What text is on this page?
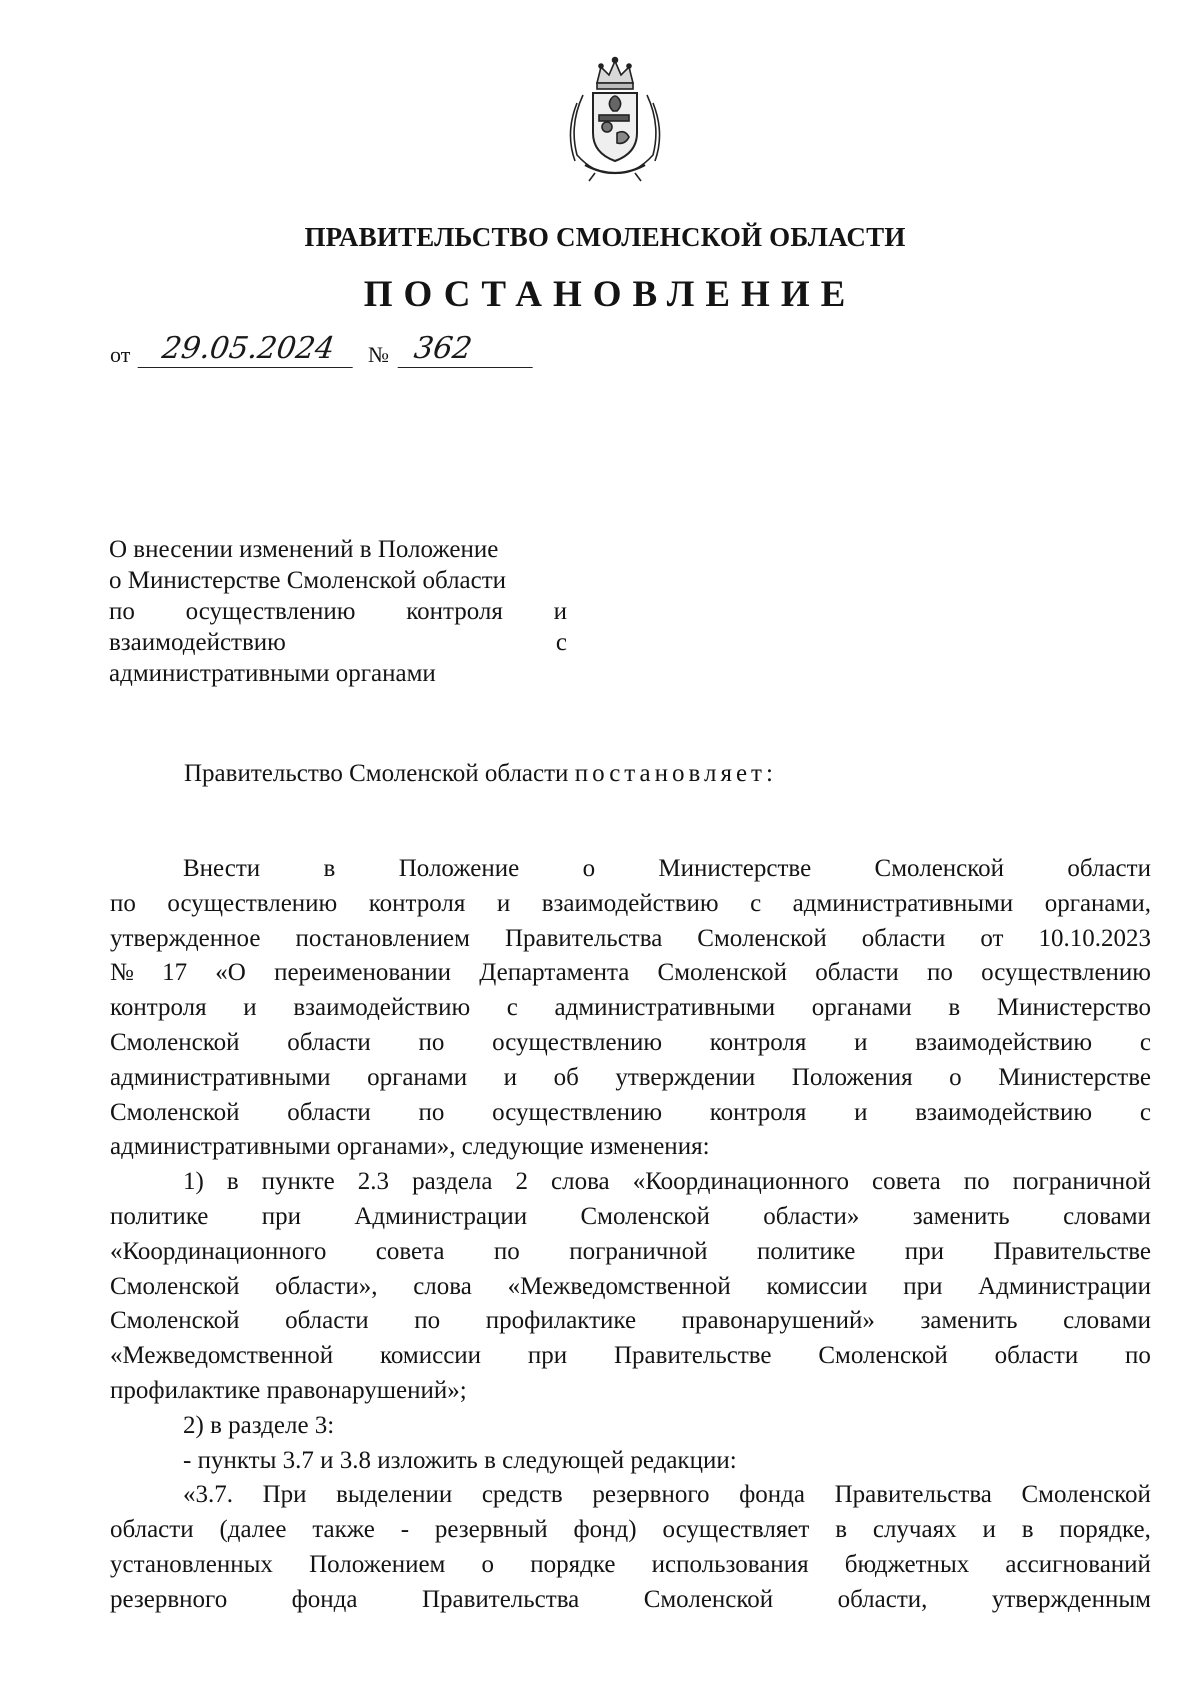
ПРАВИТЕЛЬСТВО СМОЛЕНСКОЙ ОБЛАСТИ
ПОСТАНОВЛЕНИЕ
от 29.05.2024	№ 362
О внесении изменений в Положение
о Министерстве Смоленской области
по осуществлению контроля и
взаимодействию	с
административными органами
Правительство Смоленской области постановляет:
Внести	в	Положение	о	Министерстве	Смоленской	области
по осуществлению контроля и взаимодействию с административными органами,
утвержденное постановлением Правительства Смоленской области от 10.10.2023
№ 17 «О переименовании Департамента Смоленской области по осуществлению
контроля и взаимодействию с административными органами в Министерство
Смоленской области по осуществлению контроля и взаимодействию с
административными органами и об утверждении Положения о Министерстве
Смоленской области по осуществлению контроля и взаимодействию с
административными органами», следующие изменения:
1) в пункте 2.3 раздела 2 слова «Координационного совета по пограничной
политике при Администрации Смоленской области» заменить словами
«Координационного совета по пограничной политике при Правительстве
Смоленской области», слова «Межведомственной комиссии при Администрации
Смоленской области по профилактике правонарушений» заменить словами
«Межведомственной комиссии при Правительстве Смоленской области по
профилактике правонарушений»;
2) в разделе 3:
- пункты 3.7 и 3.8 изложить в следующей редакции:
«3.7. При выделении средств резервного фонда Правительства Смоленской
области (далее также - резервный фонд) осуществляет в случаях и в порядке,
установленных Положением о порядке использования бюджетных ассигнований
резервного	фонда	Правительства	Смоленской	области,	утвержденным
